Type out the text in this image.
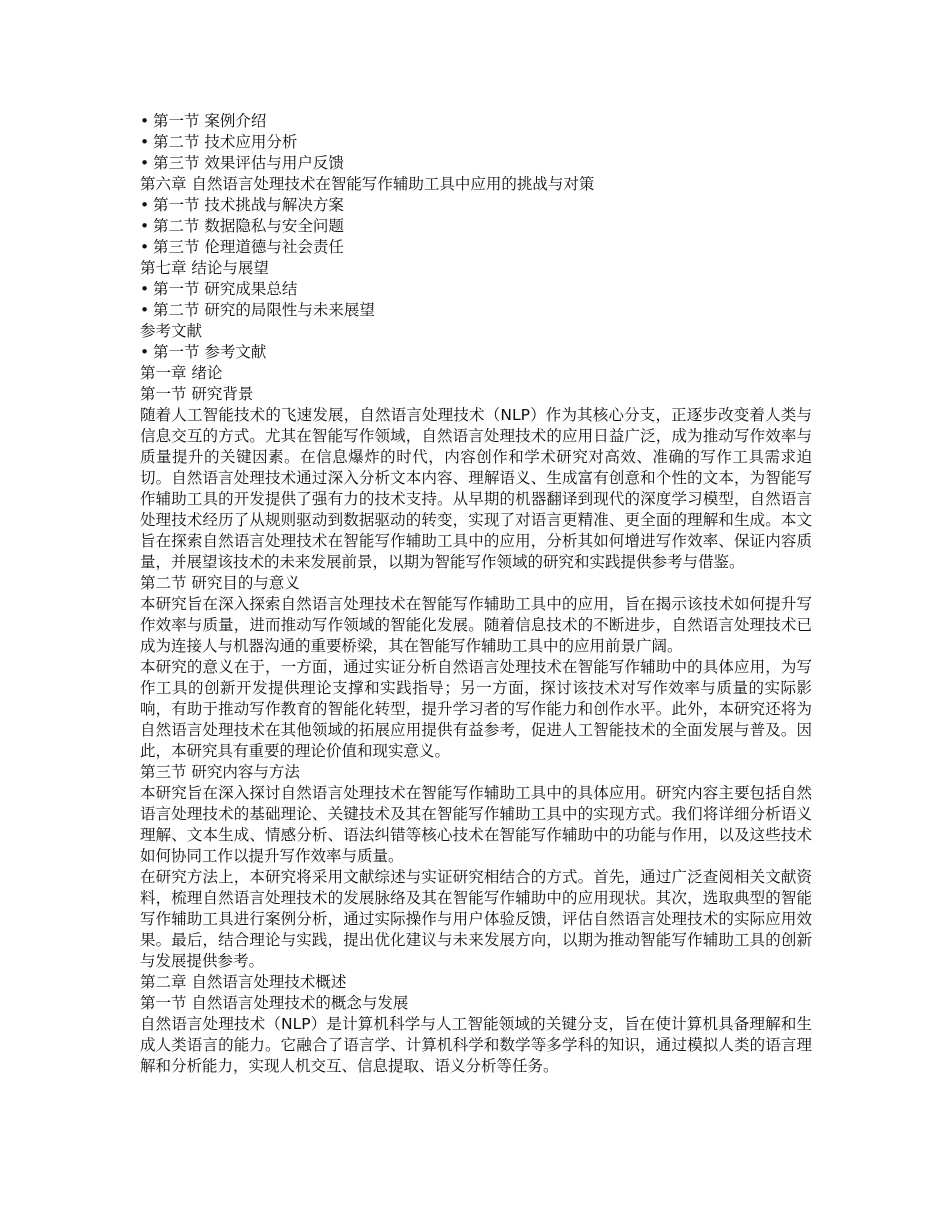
• 第一节 案例介绍
• 第二节 技术应用分析
• 第三节 效果评估与用户反馈
第六章 自然语言处理技术在智能写作辅助工具中应用的挑战与对策
• 第一节 技术挑战与解决方案
• 第二节 数据隐私与安全问题
• 第三节 伦理道德与社会责任
第七章 结论与展望
• 第一节 研究成果总结
• 第二节 研究的局限性与未来展望
参考文献
• 第一节 参考文献
第一章 绪论
第一节 研究背景
随着人工智能技术的飞速发展，自然语言处理技术（NLP）作为其核心分支，正逐步改变着人类与信息交互的方式。尤其在智能写作领域，自然语言处理技术的应用日益广泛，成为推动写作效率与质量提升的关键因素。在信息爆炸的时代，内容创作和学术研究对高效、准确的写作工具需求迫切。自然语言处理技术通过深入分析文本内容、理解语义、生成富有创意和个性的文本，为智能写作辅助工具的开发提供了强有力的技术支持。从早期的机器翻译到现代的深度学习模型，自然语言处理技术经历了从规则驱动到数据驱动的转变，实现了对语言更精准、更全面的理解和生成。本文旨在探索自然语言处理技术在智能写作辅助工具中的应用，分析其如何增进写作效率、保证内容质量，并展望该技术的未来发展前景，以期为智能写作领域的研究和实践提供参考与借鉴。
第二节 研究目的与意义
本研究旨在深入探索自然语言处理技术在智能写作辅助工具中的应用，旨在揭示该技术如何提升写作效率与质量，进而推动写作领域的智能化发展。随着信息技术的不断进步，自然语言处理技术已成为连接人与机器沟通的重要桥梁，其在智能写作辅助工具中的应用前景广阔。
本研究的意义在于，一方面，通过实证分析自然语言处理技术在智能写作辅助中的具体应用，为写作工具的创新开发提供理论支撑和实践指导；另一方面，探讨该技术对写作效率与质量的实际影响，有助于推动写作教育的智能化转型，提升学习者的写作能力和创作水平。此外，本研究还将为自然语言处理技术在其他领域的拓展应用提供有益参考，促进人工智能技术的全面发展与普及。因此，本研究具有重要的理论价值和现实意义。
第三节 研究内容与方法
本研究旨在深入探讨自然语言处理技术在智能写作辅助工具中的具体应用。研究内容主要包括自然语言处理技术的基础理论、关键技术及其在智能写作辅助工具中的实现方式。我们将详细分析语义理解、文本生成、情感分析、语法纠错等核心技术在智能写作辅助中的功能与作用，以及这些技术如何协同工作以提升写作效率与质量。
在研究方法上，本研究将采用文献综述与实证研究相结合的方式。首先，通过广泛查阅相关文献资料，梳理自然语言处理技术的发展脉络及其在智能写作辅助中的应用现状。其次，选取典型的智能写作辅助工具进行案例分析，通过实际操作与用户体验反馈，评估自然语言处理技术的实际应用效果。最后，结合理论与实践，提出优化建议与未来发展方向，以期为推动智能写作辅助工具的创新与发展提供参考。
第二章 自然语言处理技术概述
第一节 自然语言处理技术的概念与发展
自然语言处理技术（NLP）是计算机科学与人工智能领域的关键分支，旨在使计算机具备理解和生成人类语言的能力。它融合了语言学、计算机科学和数学等多学科的知识，通过模拟人类的语言理解和分析能力，实现人机交互、信息提取、语义分析等任务。
